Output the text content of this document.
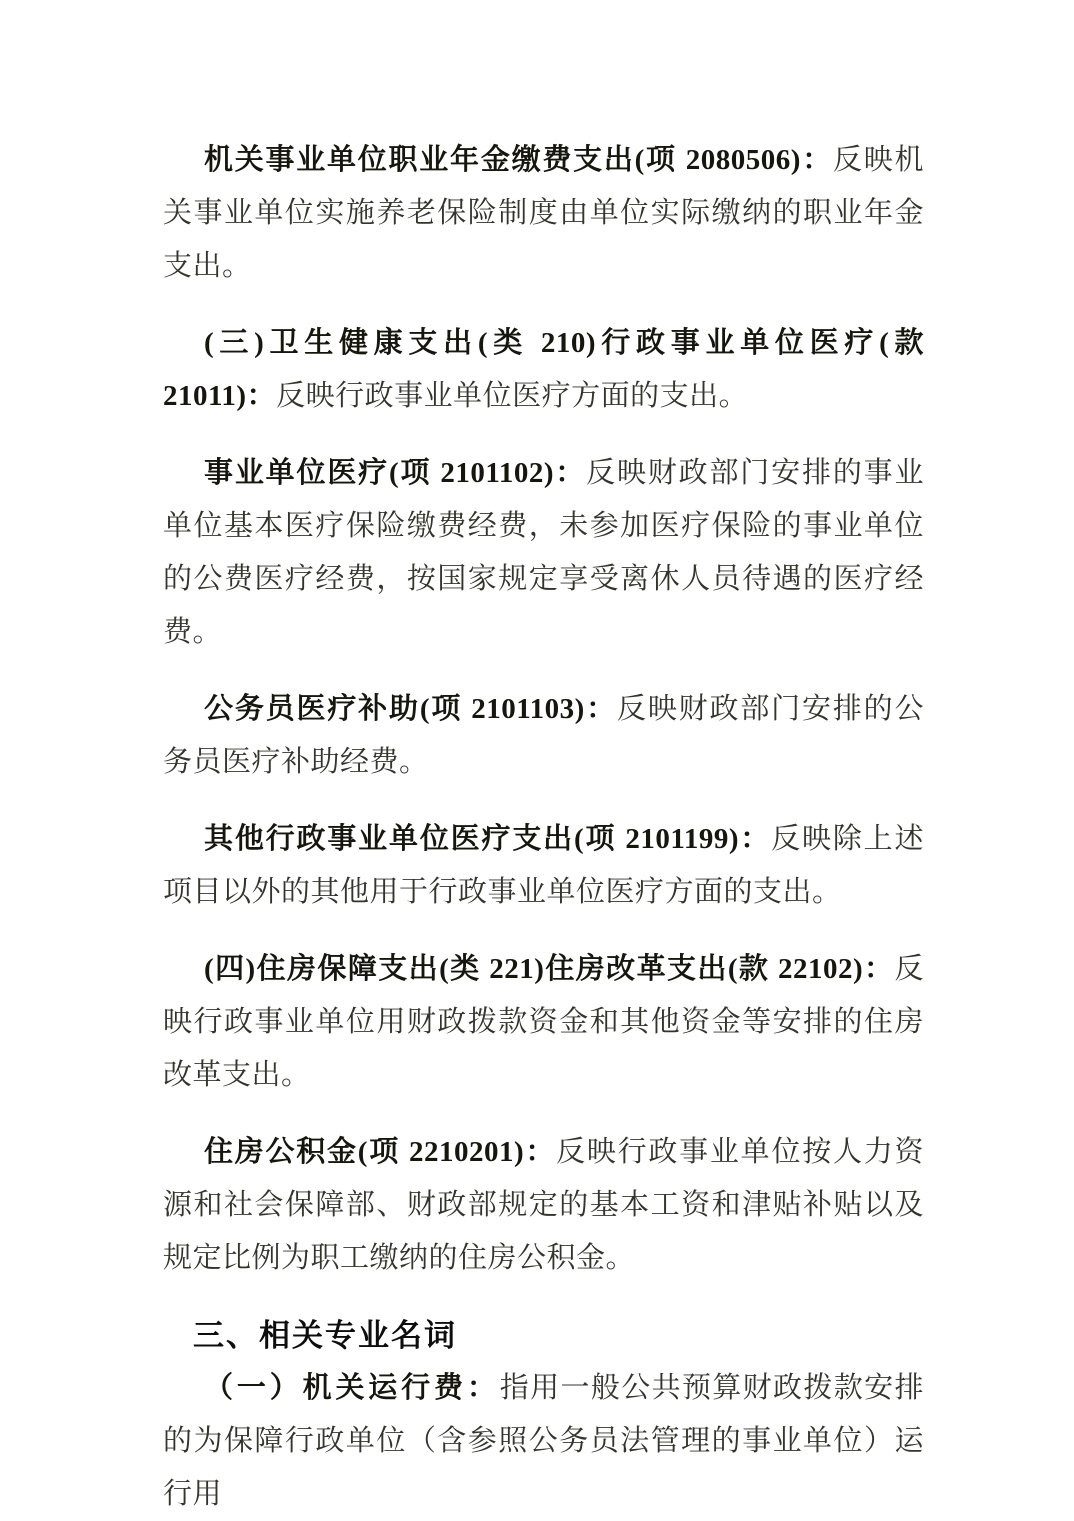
机关事业单位职业年金缴费支出(项 2080506)：反映机关事业单位实施养老保险制度由单位实际缴纳的职业年金支出。

(三)卫生健康支出(类 210)行政事业单位医疗(款 21011)：反映行政事业单位医疗方面的支出。

事业单位医疗(项 2101102)：反映财政部门安排的事业单位基本医疗保险缴费经费，未参加医疗保险的事业单位的公费医疗经费，按国家规定享受离休人员待遇的医疗经费。

公务员医疗补助(项 2101103)：反映财政部门安排的公务员医疗补助经费。

其他行政事业单位医疗支出(项 2101199)：反映除上述项目以外的其他用于行政事业单位医疗方面的支出。

(四)住房保障支出(类 221)住房改革支出(款 22102)：反映行政事业单位用财政拨款资金和其他资金等安排的住房改革支出。

住房公积金(项 2210201)：反映行政事业单位按人力资源和社会保障部、财政部规定的基本工资和津贴补贴以及规定比例为职工缴纳的住房公积金。

三、相关专业名词

（一）机关运行费：指用一般公共预算财政拨款安排的为保障行政单位（含参照公务员法管理的事业单位）运行用
